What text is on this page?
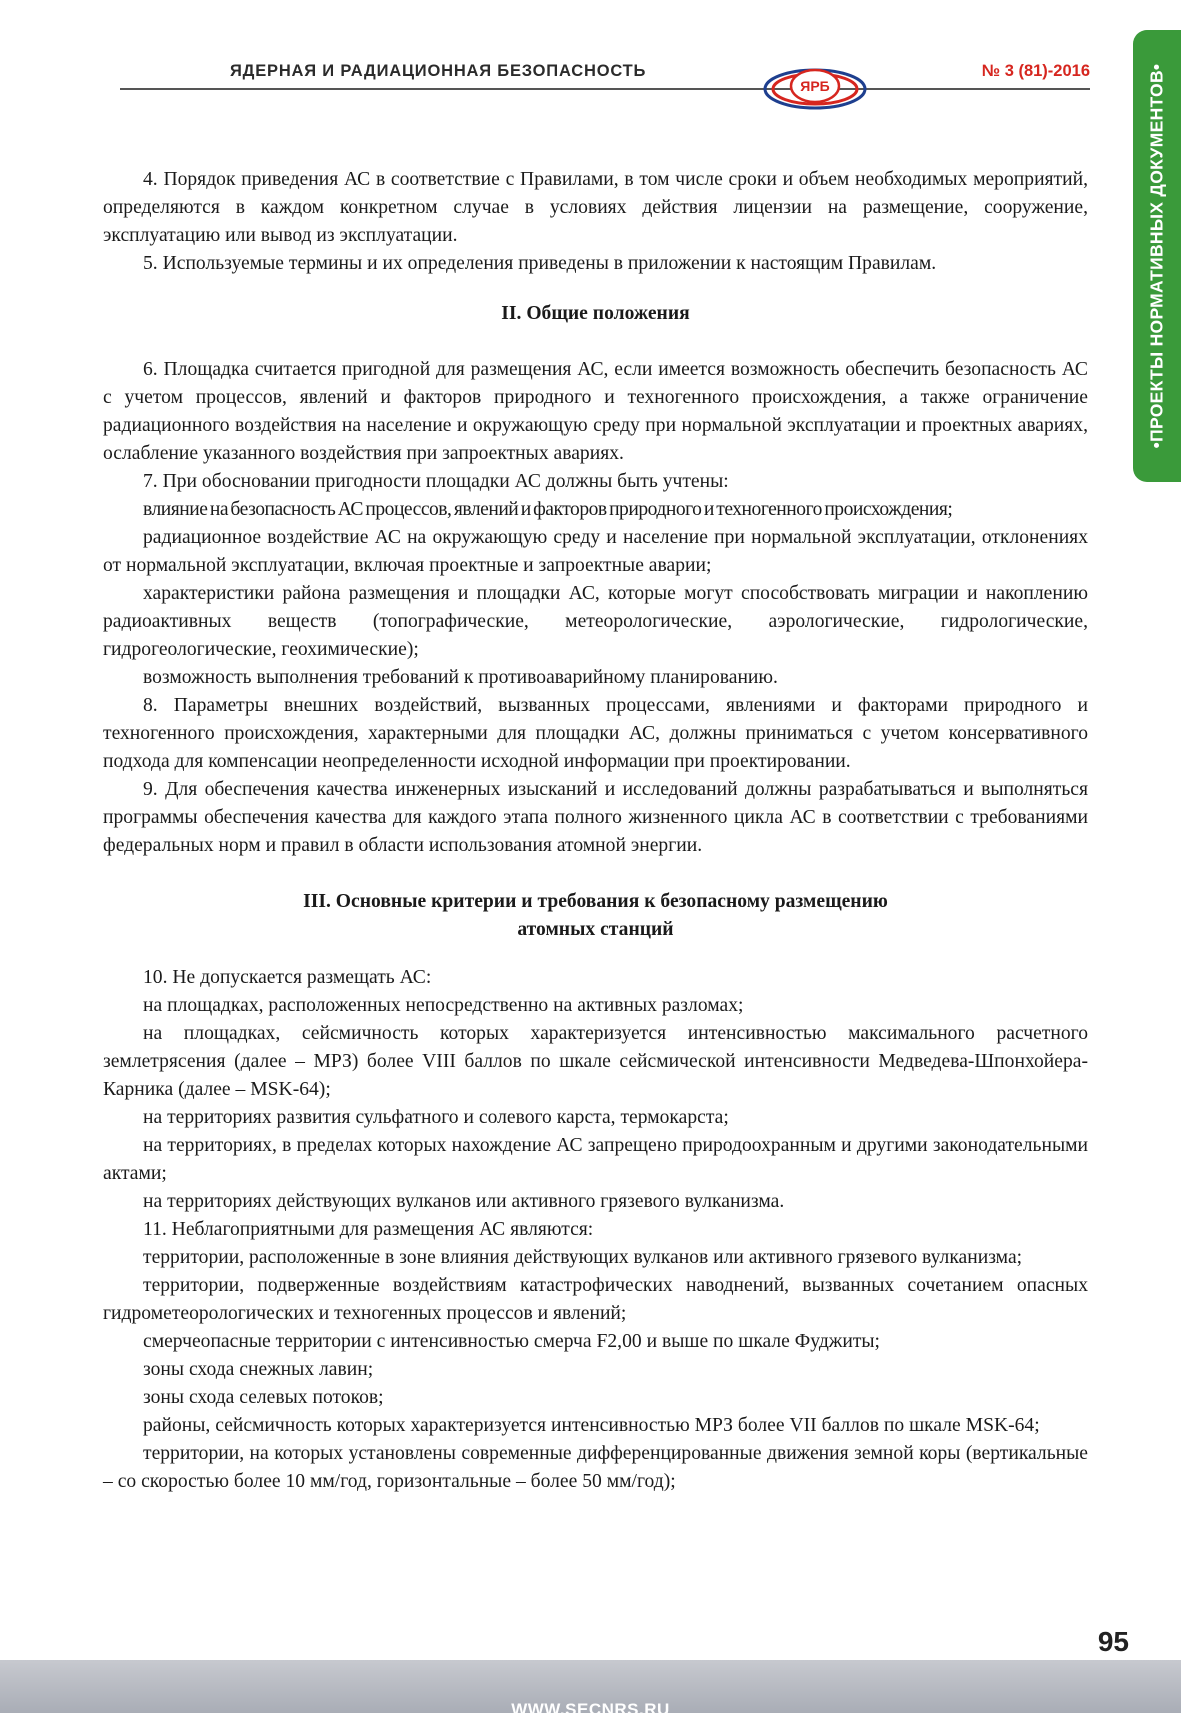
ЯДЕРНАЯ И РАДИАЦИОННАЯ БЕЗОПАСНОСТЬ
ЯРБ
№ 3 (81)-2016	•ПРОЕКТЫ НОРМАТИВНЫХ ДОКУМЕНТОВ•

4. Порядок приведения АС в соответствие с Правилами, в том числе сроки и объем необходимых мероприятий, определяются в каждом конкретном случае в условиях действия лицензии на размещение, сооружение, эксплуатацию или вывод из эксплуатации.

5. Используемые термины и их определения приведены в приложении к настоящим Правилам.

II. Общие положения

6. Площадка считается пригодной для размещения АС, если имеется возможность обеспечить безопасность АС с учетом процессов, явлений и факторов природного и техногенного происхождения, а также ограничение радиационного воздействия на население и окружающую среду при нормальной эксплуатации и проектных авариях, ослабление указанного воздействия при запроектных авариях.

7. При обосновании пригодности площадки АС должны быть учтены:

влияние на безопасность АС процессов, явлений и факторов природного и техногенного происхождения;

радиационное воздействие АС на окружающую среду и население при нормальной эксплуатации, отклонениях от нормальной эксплуатации, включая проектные и запроектные аварии;

характеристики района размещения и площадки АС, которые могут способствовать миграции и накоплению радиоактивных веществ (топографические, метеорологические, аэрологические, гидрологические, гидрогеологические, геохимические);

возможность выполнения требований к противоаварийному планированию.

8. Параметры внешних воздействий, вызванных процессами, явлениями и факторами природного и техногенного происхождения, характерными для площадки АС, должны приниматься с учетом консервативного подхода для компенсации неопределенности исходной информации при проектировании.

9. Для обеспечения качества инженерных изысканий и исследований должны разрабатываться и выполняться программы обеспечения качества для каждого этапа полного жизненного цикла АС в соответствии с требованиями федеральных норм и правил в области использования атомной энергии.

III. Основные критерии и требования к безопасному размещению
атомных станций

10. Не допускается размещать АС:

на площадках, расположенных непосредственно на активных разломах;

на площадках, сейсмичность которых характеризуется интенсивностью максимального расчетного землетрясения (далее – МРЗ) более VIII баллов по шкале сейсмической интенсивности Медведева-Шпонхойера-Карника (далее – MSK-64);

на территориях развития сульфатного и солевого карста, термокарста;

на территориях, в пределах которых нахождение АС запрещено природоохранным и другими законодательными актами;

на территориях действующих вулканов или активного грязевого вулканизма.

11. Неблагоприятными для размещения АС являются:

территории, расположенные в зоне влияния действующих вулканов или активного грязевого вулканизма;

территории, подверженные воздействиям катастрофических наводнений, вызванных сочетанием опасных гидрометеорологических и техногенных процессов и явлений;

смерчеопасные территории с интенсивностью смерча F2,00 и выше по шкале Фуджиты;

зоны схода снежных лавин;

зоны схода селевых потоков;

районы, сейсмичность которых характеризуется интенсивностью МРЗ более VII баллов по шкале MSK-64;

территории, на которых установлены современные дифференцированные движения земной коры (вертикальные – со скоростью более 10 мм/год, горизонтальные – более 50 мм/год);

95
WWW.SECNRS.RU
